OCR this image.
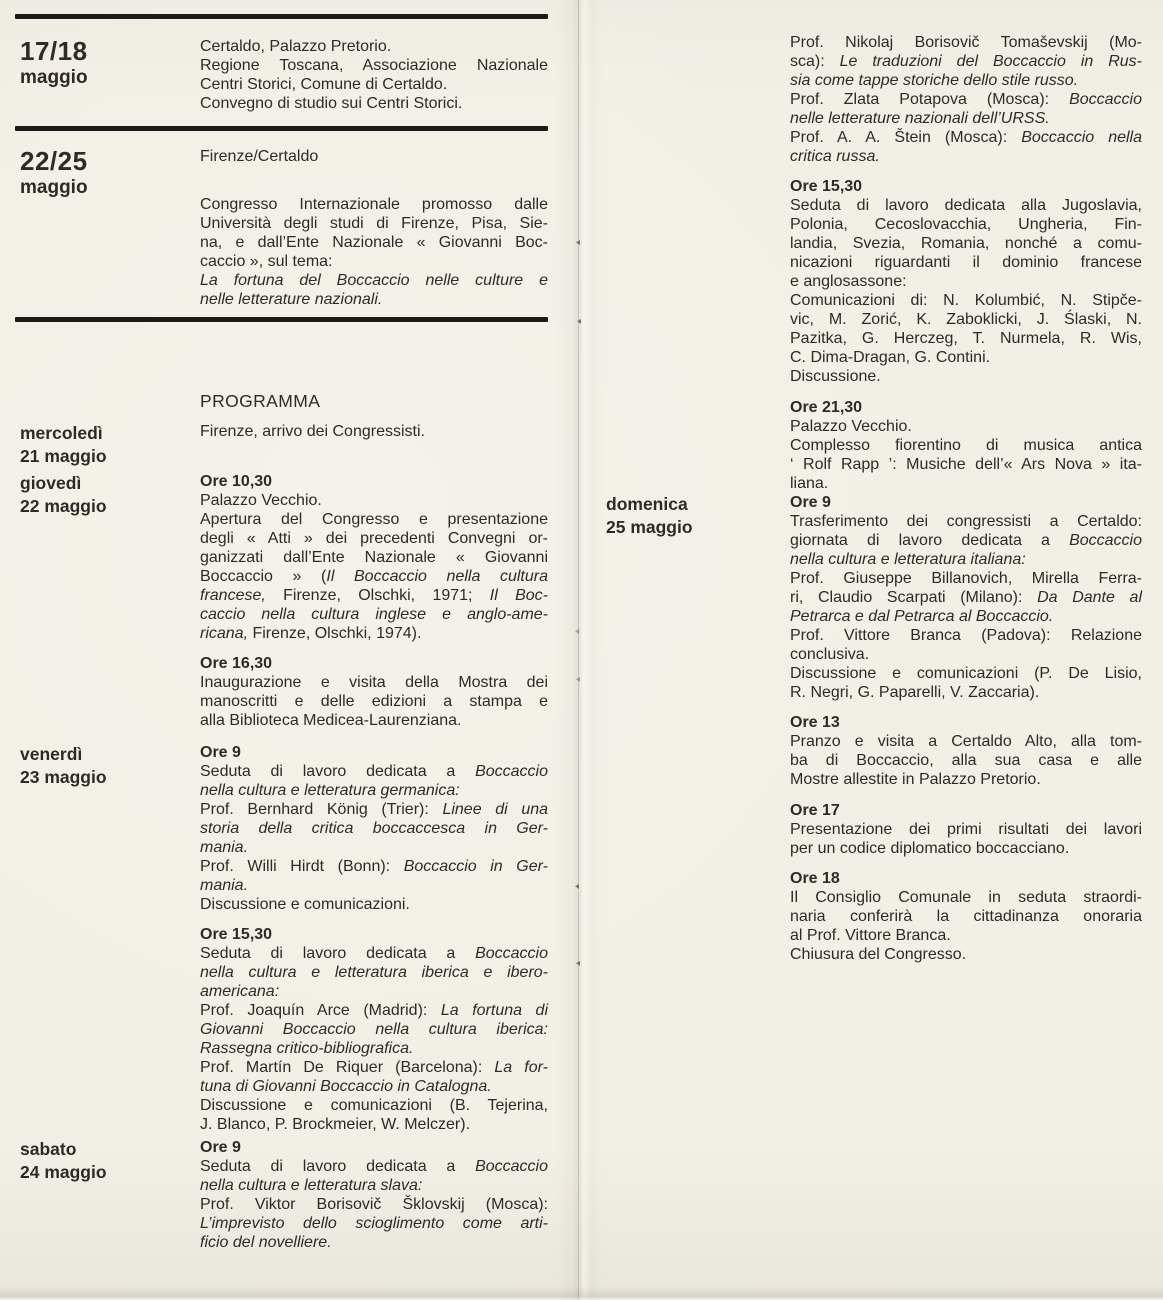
17/18
maggio
Certaldo, Palazzo Pretorio.
Regione Toscana, Associazione Nazionale
Centri Storici, Comune di Certaldo.
Convegno di studio sui Centri Storici.
22/25
maggio
Firenze/Certaldo
Congresso Internazionale promosso dalle
Università degli studi di Firenze, Pisa, Sie-
na, e dall’Ente Nazionale « Giovanni Boc-
caccio », sul tema:
La fortuna del Boccaccio nelle culture e
nelle letterature nazionali.
PROGRAMMA
mercoledì
21 maggio
Firenze, arrivo dei Congressisti.
giovedì
22 maggio
Ore 10,30
Palazzo Vecchio.
Apertura del Congresso e presentazione
degli « Atti » dei precedenti Convegni or-
ganizzati dall’Ente Nazionale « Giovanni
Boccaccio » (Il Boccaccio nella cultura
francese, Firenze, Olschki, 1971; Il Boc-
caccio nella cultura inglese e anglo-ame-
ricana, Firenze, Olschki, 1974).
Ore 16,30
Inaugurazione e visita della Mostra dei
manoscritti e delle edizioni a stampa e
alla Biblioteca Medicea-Laurenziana.
venerdì
23 maggio
Ore 9
Seduta di lavoro dedicata a Boccaccio
nella cultura e letteratura germanica:
Prof. Bernhard König (Trier): Linee di una
storia della critica boccaccesca in Ger-
mania.
Prof. Willi Hirdt (Bonn): Boccaccio in Ger-
mania.
Discussione e comunicazioni.
Ore 15,30
Seduta di lavoro dedicata a Boccaccio
nella cultura e letteratura iberica e ibero-
americana:
Prof. Joaquín Arce (Madrid): La fortuna di
Giovanni Boccaccio nella cultura iberica:
Rassegna critico-bibliografica.
Prof. Martín De Riquer (Barcelona): La for-
tuna di Giovanni Boccaccio in Catalogna.
Discussione e comunicazioni (B. Tejerina,
J. Blanco, P. Brockmeier, W. Melczer).
sabato
24 maggio
Ore 9
Seduta di lavoro dedicata a Boccaccio
nella cultura e letteratura slava:
Prof. Viktor Borisovič Šklovskij (Mosca):
L’imprevisto dello scioglimento come arti-
ficio del novelliere.
Prof. Nikolaj Borisovič Tomaševskij (Mo-
sca): Le traduzioni del Boccaccio in Rus-
sia come tappe storiche dello stile russo.
Prof. Zlata Potapova (Mosca): Boccaccio
nelle letterature nazionali dell’URSS.
Prof. A. A. Štein (Mosca): Boccaccio nella
critica russa.
Ore 15,30
Seduta di lavoro dedicata alla Jugoslavia,
Polonia, Cecoslovacchia, Ungheria, Fin-
landia, Svezia, Romania, nonché a comu-
nicazioni riguardanti il dominio francese
e anglosassone:
Comunicazioni di: N. Kolumbić, N. Stipče-
vic, M. Zorić, K. Zaboklicki, J. Ślaski, N.
Pazitka, G. Herczeg, T. Nurmela, R. Wis,
C. Dima-Dragan, G. Contini.
Discussione.
Ore 21,30
Palazzo Vecchio.
Complesso fiorentino di musica antica
‘ Rolf Rapp ’: Musiche dell’« Ars Nova » ita-
liana.
domenica
25 maggio
Ore 9
Trasferimento dei congressisti a Certaldo:
giornata di lavoro dedicata a Boccaccio
nella cultura e letteratura italiana:
Prof. Giuseppe Billanovich, Mirella Ferra-
ri, Claudio Scarpati (Milano): Da Dante al
Petrarca e dal Petrarca al Boccaccio.
Prof. Vittore Branca (Padova): Relazione
conclusiva.
Discussione e comunicazioni (P. De Lisio,
R. Negri, G. Paparelli, V. Zaccaria).
Ore 13
Pranzo e visita a Certaldo Alto, alla tom-
ba di Boccaccio, alla sua casa e alle
Mostre allestite in Palazzo Pretorio.
Ore 17
Presentazione dei primi risultati dei lavori
per un codice diplomatico boccacciano.
Ore 18
Il Consiglio Comunale in seduta straordi-
naria conferirà la cittadinanza onoraria
al Prof. Vittore Branca.
Chiusura del Congresso.
